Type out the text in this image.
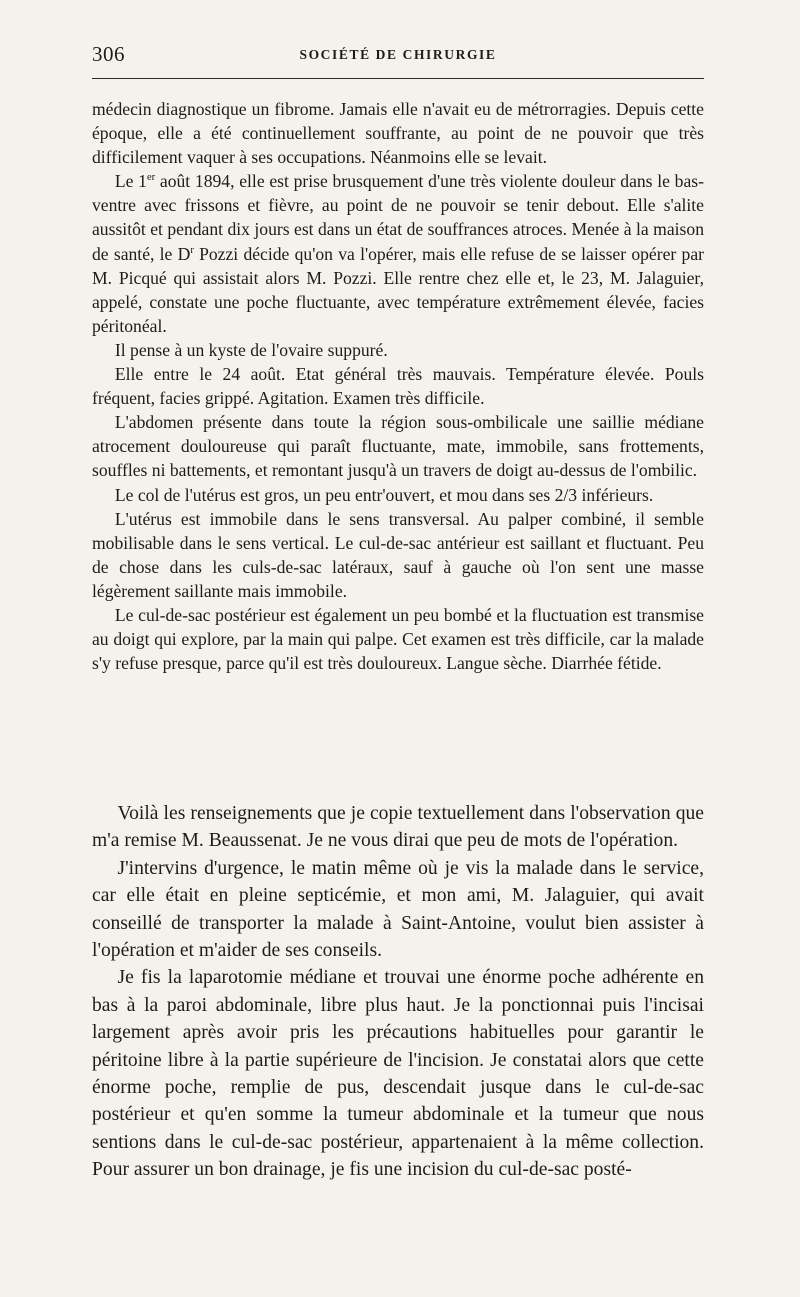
306	SOCIÉTÉ DE CHIRURGIE

médecin diagnostique un fibrome. Jamais elle n'avait eu de métrorragies. Depuis cette époque, elle a été continuellement souffrante, au point de ne pouvoir que très difficilement vaquer à ses occupations. Néanmoins elle se levait.

Le 1er août 1894, elle est prise brusquement d'une très violente douleur dans le bas-ventre avec frissons et fièvre, au point de ne pouvoir se tenir debout. Elle s'alite aussitôt et pendant dix jours est dans un état de souffrances atroces. Menée à la maison de santé, le $D^r$ Pozzi décide qu'on va l'opérer, mais elle refuse de se laisser opérer par M. Picqué qui assistait alors M. Pozzi. Elle rentre chez elle et, le 23, M. Jalaguier, appelé, constate une poche fluctuante, avec température extrêmement élevée, facies péritonéal.

Il pense à un kyste de l'ovaire suppuré.

Elle entre le 24 août. Etat général très mauvais. Température élevée. Pouls fréquent, facies grippé. Agitation. Examen très difficile.

L'abdomen présente dans toute la région sous-ombilicale une saillie médiane atrocement douloureuse qui paraît fluctuante, mate, immobile, sans frottements, souffles ni battements, et remontant jusqu'à un travers de doigt au-dessus de l'ombilic.

Le col de l'utérus est gros, un peu entr'ouvert, et mou dans ses 2/3 inférieurs.

L'utérus est immobile dans le sens transversal. Au palper combiné, il semble mobilisable dans le sens vertical. Le cul-de-sac antérieur est saillant et fluctuant. Peu de chose dans les culs-de-sac latéraux, sauf à gauche où l'on sent une masse légèrement saillante mais immobile.

Le cul-de-sac postérieur est également un peu bombé et la fluctuation est transmise au doigt qui explore, par la main qui palpe. Cet examen est très difficile, car la malade s'y refuse presque, parce qu'il est très douloureux. Langue sèche. Diarrhée fétide.

Voilà les renseignements que je copie textuellement dans l'observation que m'a remise M. Beaussenat. Je ne vous dirai que peu de mots de l'opération.

J'intervins d'urgence, le matin même où je vis la malade dans le service, car elle était en pleine septicémie, et mon ami, M. Jalaguier, qui avait conseillé de transporter la malade à Saint-Antoine, voulut bien assister à l'opération et m'aider de ses conseils.

Je fis la laparotomie médiane et trouvai une énorme poche adhérente en bas à la paroi abdominale, libre plus haut. Je la ponctionnai puis l'incisai largement après avoir pris les précautions habituelles pour garantir le péritoine libre à la partie supérieure de l'incision. Je constatai alors que cette énorme poche, remplie de pus, descendait jusque dans le cul-de-sac postérieur et qu'en somme la tumeur abdominale et la tumeur que nous sentions dans le cul-de-sac postérieur, appartenaient à la même collection. Pour assurer un bon drainage, je fis une incision du cul-de-sac posté-
